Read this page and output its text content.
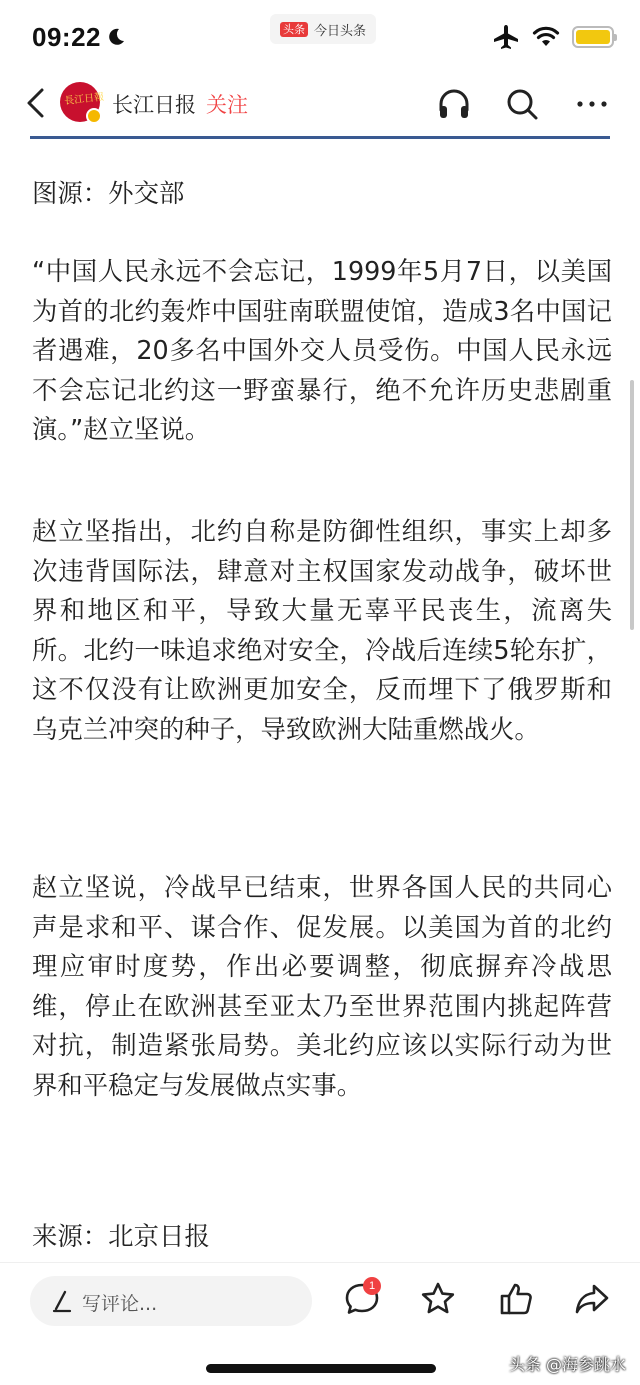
09:22	头条 今日头条
長江日報 长江日报 关注
图源：外交部
“中国人民永远不会忘记，1999年5月7日，以美国为首的北约轰炸中国驻南联盟使馆，造成3名中国记者遇难，20多名中国外交人员受伤。中国人民永远不会忘记北约这一野蛮暴行，绝不允许历史悲剧重演。”赵立坚说。
赵立坚指出，北约自称是防御性组织，事实上却多次违背国际法，肆意对主权国家发动战争，破坏世界和地区和平，导致大量无辜平民丧生，流离失所。北约一味追求绝对安全，冷战后连续5轮东扩，这不仅没有让欧洲更加安全，反而埋下了俄罗斯和乌克兰冲突的种子，导致欧洲大陆重燃战火。
赵立坚说，冷战早已结束，世界各国人民的共同心声是求和平、谋合作、促发展。以美国为首的北约理应审时度势，作出必要调整，彻底摒弃冷战思维，停止在欧洲甚至亚太乃至世界范围内挑起阵营对抗，制造紧张局势。美北约应该以实际行动为世界和平稳定与发展做点实事。
来源：北京日报
写评论...
1
头条 @海参跳水
